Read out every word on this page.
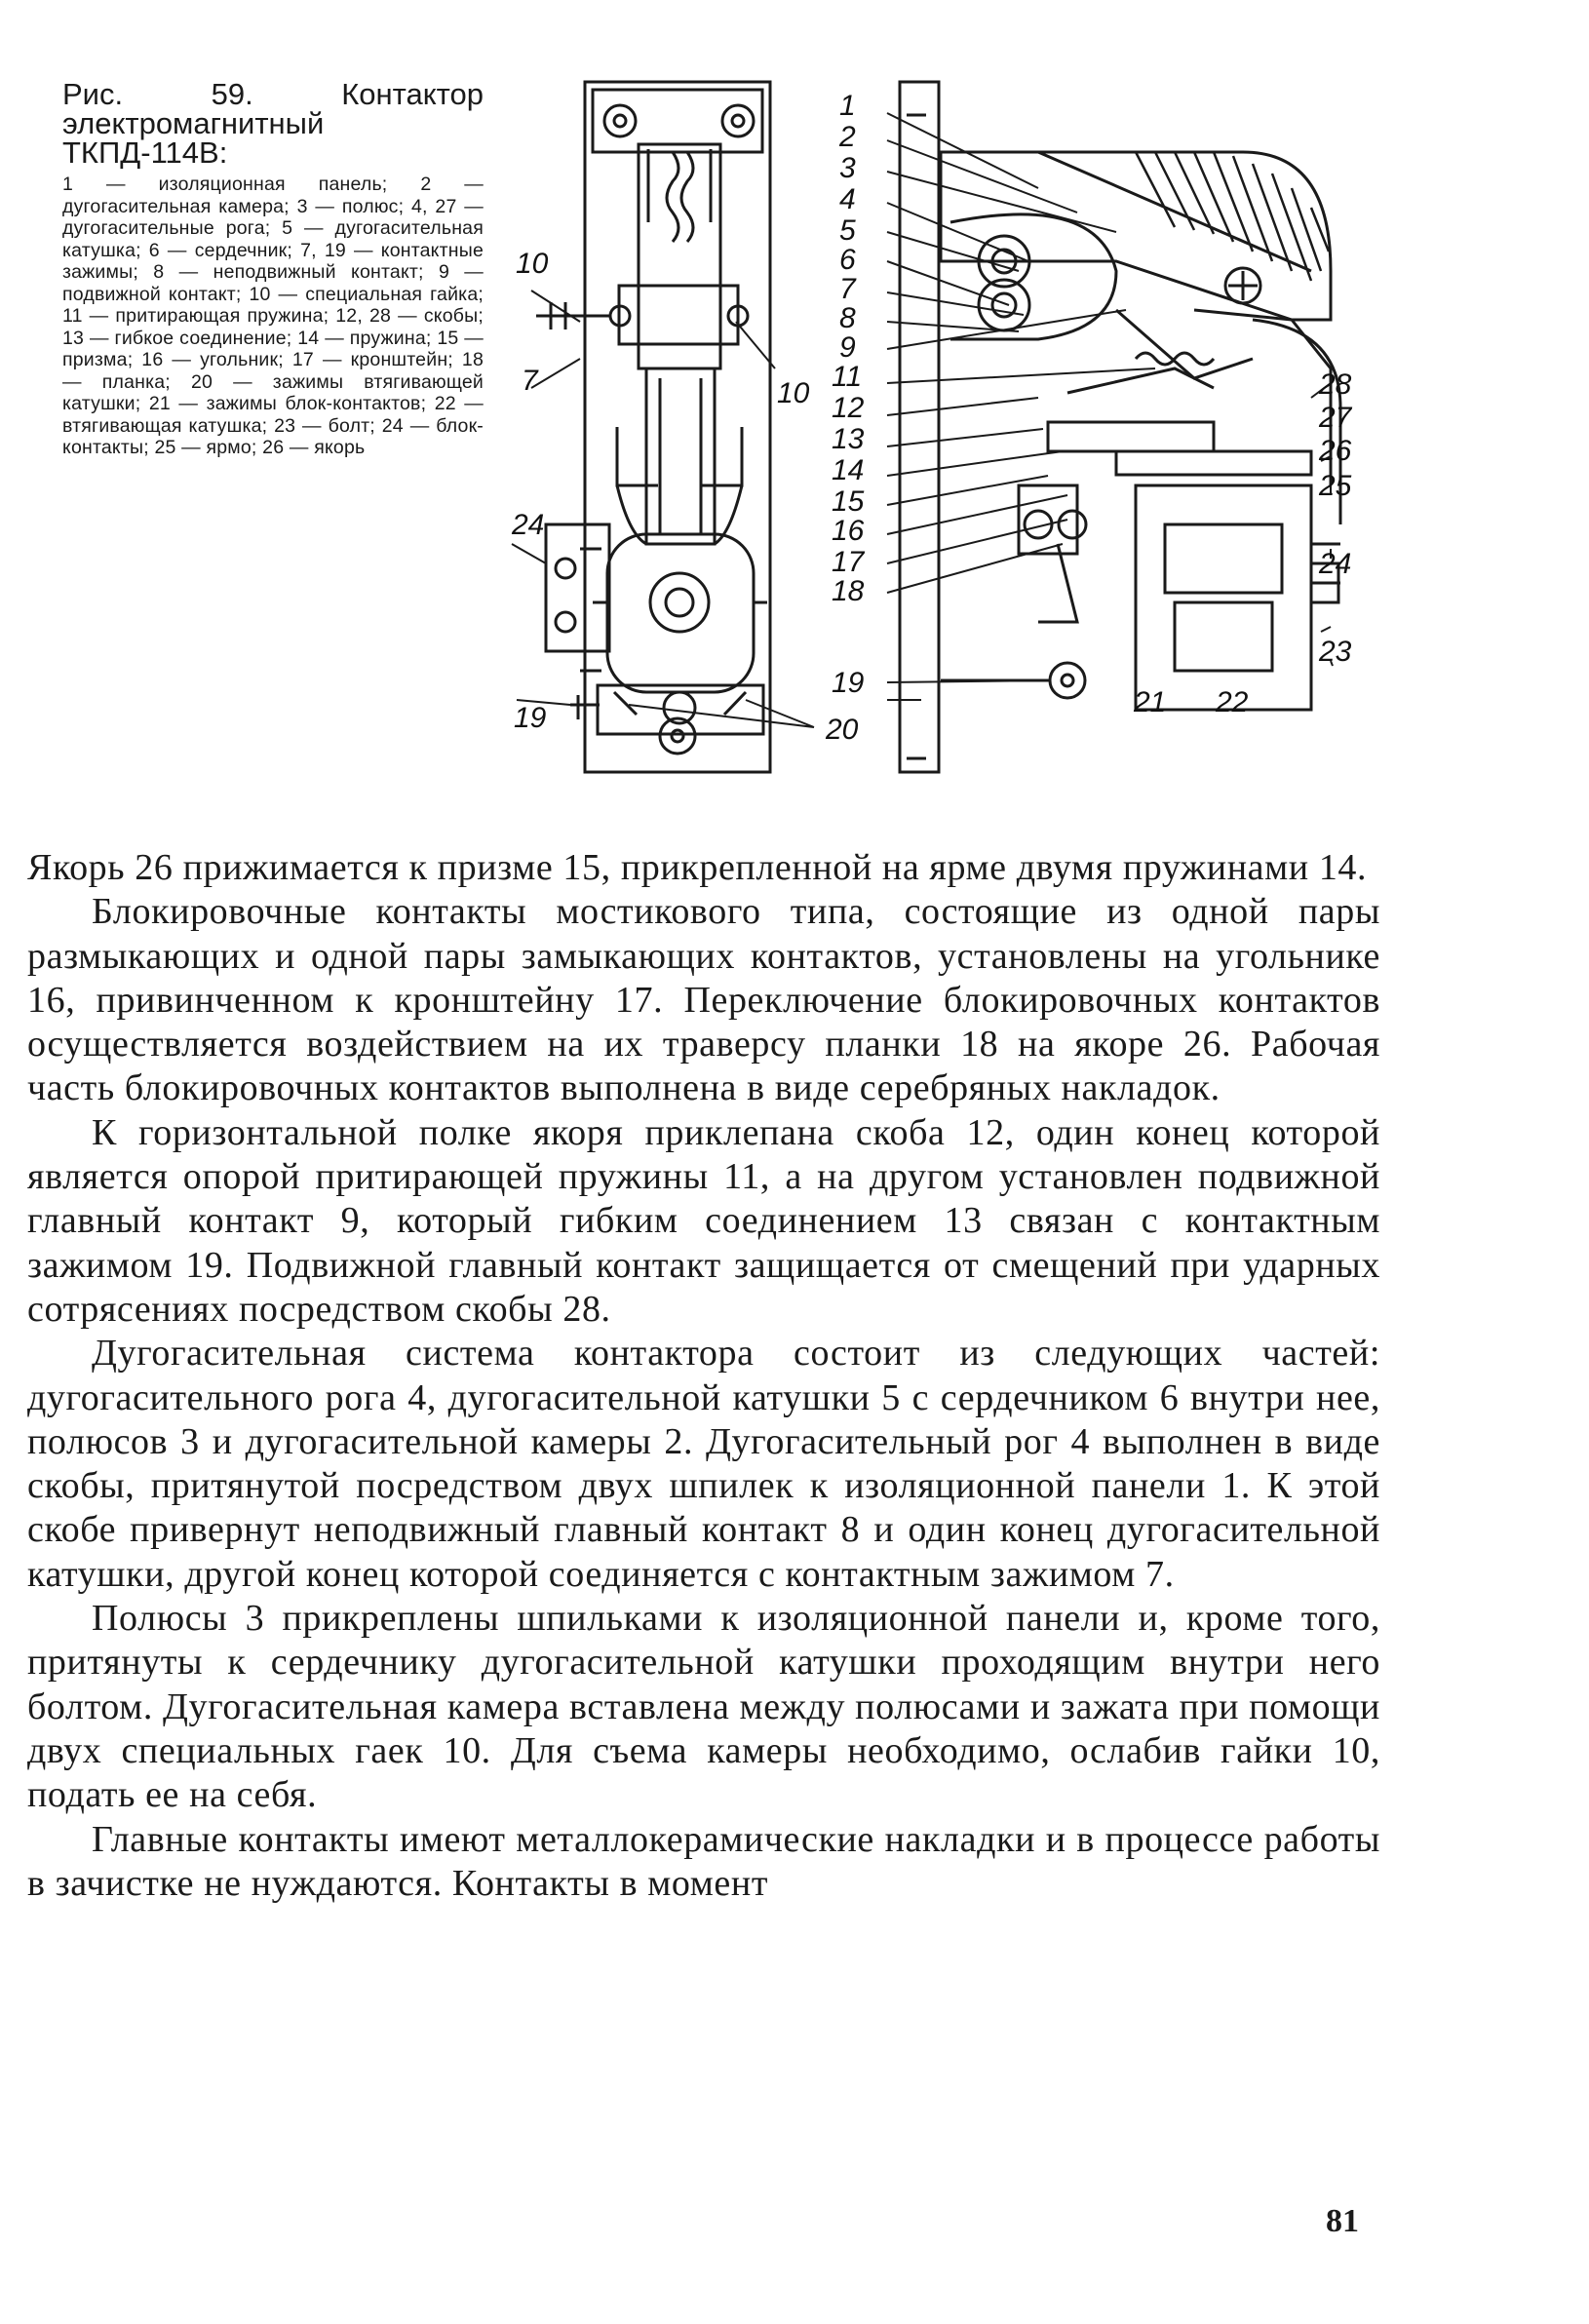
Рис. 59. Контактор электромагнитный ТКПД-114В:

1 — изоляционная панель; 2 — дугогасительная камера; 3 — полюс; 4, 27 — дугогасительные рога; 5 — дугогасительная катушка; 6 — сердечник; 7, 19 — контактные зажимы; 8 — неподвижный контакт; 9 — подвижной контакт; 10 — специальная гайка; 11 — притирающая пружина; 12, 28 — скобы; 13 — гибкое соединение; 14 — пружина; 15 — призма; 16 — угольник; 17 — кронштейн; 18 — планка; 20 — зажимы втягивающей катушки; 21 — зажимы блок-контактов; 22 — втягивающая катушка; 23 — болт; 24 — блок-контакты; 25 — ярмо; 26 — якорь

10
7	10
24
19
1
2
3
4
5
6
7
8
9
11
12
13
14
15
16
17
18
19
20
21 22
23
24
25
26
27
28

Якорь 26 прижимается к призме 15, прикрепленной на ярме двумя пружинами 14.

Блокировочные контакты мостикового типа, состоящие из одной пары размыкающих и одной пары замыкающих контактов, установлены на угольнике 16, привинченном к кронштейну 17. Переключение блокировочных контактов осуществляется воздействием на их траверсу планки 18 на якоре 26. Рабочая часть блокировочных контактов выполнена в виде серебряных накладок.

К горизонтальной полке якоря приклепана скоба 12, один конец которой является опорой притирающей пружины 11, а на другом установлен подвижной главный контакт 9, который гибким соединением 13 связан с контактным зажимом 19. Подвижной главный контакт защищается от смещений при ударных сотрясениях посредством скобы 28.

Дугогасительная система контактора состоит из следующих частей: дугогасительного рога 4, дугогасительной катушки 5 с сердечником 6 внутри нее, полюсов 3 и дугогасительной камеры 2. Дугогасительный рог 4 выполнен в виде скобы, притянутой посредством двух шпилек к изоляционной панели 1. К этой скобе привернут неподвижный главный контакт 8 и один конец дугогасительной катушки, другой конец которой соединяется с контактным зажимом 7.

Полюсы 3 прикреплены шпильками к изоляционной панели и, кроме того, притянуты к сердечнику дугогасительной катушки проходящим внутри него болтом. Дугогасительная камера вставлена между полюсами и зажата при помощи двух специальных гаек 10. Для съема камеры необходимо, ослабив гайки 10, подать ее на себя.

Главные контакты имеют металлокерамические накладки и в процессе работы в зачистке не нуждаются. Контакты в момент

81
